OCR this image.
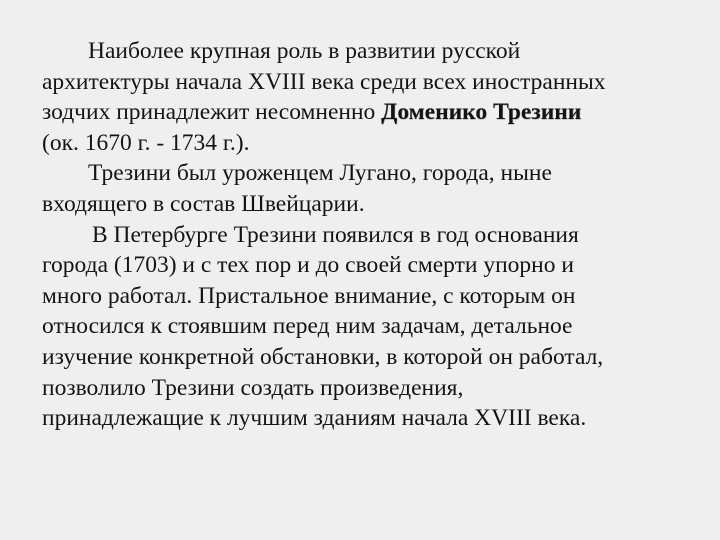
Наиболее крупная роль в развитии русской
архитектуры начала XVIII века среди всех иностранных
зодчих принадлежит несомненно Доменико Трезини
(ок. 1670 г. - 1734 г.).
Трезини был уроженцем Лугано, города, ныне
входящего в состав Швейцарии.
В Петербурге Трезини появился в год основания
города (1703) и с тех пор и до своей смерти упорно и
много работал. Пристальное внимание, с которым он
относился к стоявшим перед ним задачам, детальное
изучение конкретной обстановки, в которой он работал,
позволило Трезини создать произведения,
принадлежащие к лучшим зданиям начала XVIII века.
